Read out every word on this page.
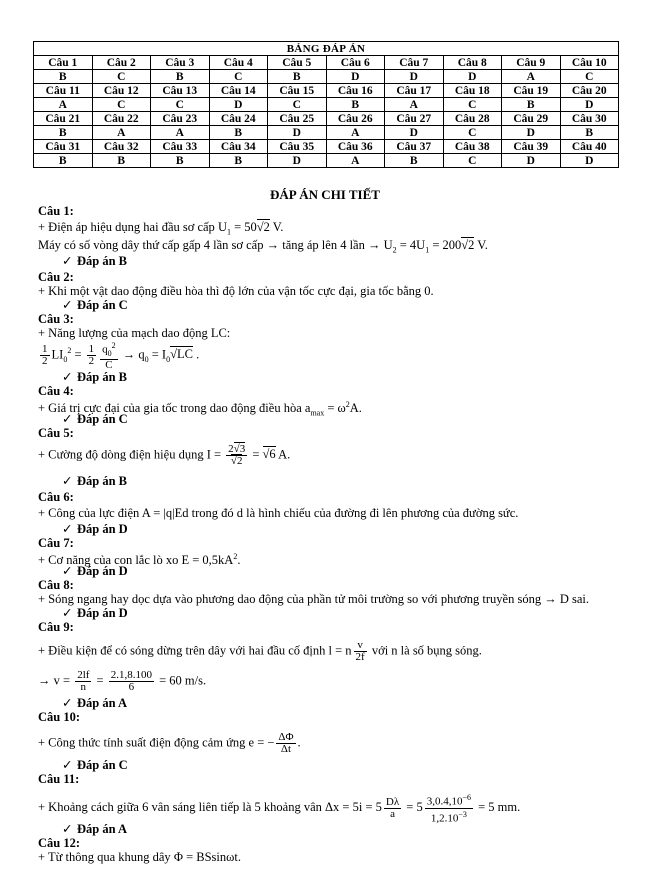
BẢNG ĐÁP ÁN									
Câu 1	Câu 2	Câu 3	Câu 4	Câu 5	Câu 6	Câu 7	Câu 8	Câu 9	Câu 10
B	C	B	C	B	D	D	D	A	C
Câu 11	Câu 12	Câu 13	Câu 14	Câu 15	Câu 16	Câu 17	Câu 18	Câu 19	Câu 20
A	C	C	D	C	B	A	C	B	D
Câu 21	Câu 22	Câu 23	Câu 24	Câu 25	Câu 26	Câu 27	Câu 28	Câu 29	Câu 30
B	A	A	B	D	A	D	C	D	B
Câu 31	Câu 32	Câu 33	Câu 34	Câu 35	Câu 36	Câu 37	Câu 38	Câu 39	Câu 40
B	B	B	B	D	A	B	C	D	D
ĐÁP ÁN CHI TIẾT
Câu 1:
+ Điện áp hiệu dụng hai đầu sơ cấp $U_1 = 50√2$ V.
Máy có số vòng dây thứ cấp gấp 4 lần sơ cấp → tăng áp lên 4 lần → $U_2 = 4U_1 = 200√2$ V.
✓ Đáp án B
Câu 2:
+ Khi một vật dao động điều hòa thì độ lớn của vận tốc cực đại, gia tốc bằng 0.
✓ Đáp án C
Câu 3:
+ Năng lượng của mạch dao động LC:
$\frac{1}{2} LI_0^2 = \frac{1}{2} \frac{q_0^2}{C} \to q_0 = I_0√LC$ .
✓ Đáp án B
Câu 4:
+ Giá trị cực đại của gia tốc trong dao động điều hòa $a_{max} = \omega^2A$.
✓ Đáp án C
Câu 5:
+ Cường độ dòng điện hiệu dụng $I = \frac{2√3}{√2} = √6$ A.
✓ Đáp án B
Câu 6:
+ Công của lực điện A = |q|Ed trong đó d là hình chiếu của đường đi lên phương của đường sức.
✓ Đáp án D
Câu 7:
+ Cơ năng của con lắc lò xo $E = 0,5kA^2$.
✓ Đáp án D
Câu 8:
+ Sóng ngang hay dọc dựa vào phương dao động của phần tử môi trường so với phương truyền sóng → D sai.
✓ Đáp án D
Câu 9:
+ Điều kiện để có sóng dừng trên dây với hai đầu cố định l = n $\frac{v}{2f}$ với n là số bụng sóng.
→ $v = \frac{2lf}{n} = \frac{2.1,8.100}{6} = 60$ m/s.
✓ Đáp án A
Câu 10:
+ Công thức tính suất điện động cảm ứng e = − $\frac{\Delta\Phi}{\Delta t}$ .
✓ Đáp án C
Câu 11:
+ Khoảng cách giữa 6 vân sáng liên tiếp là 5 khoảng vân $\Delta x = 5i = 5 \frac{D\lambda}{a} = 5 \frac{3,0.4,10^{-6}}{1,2.10^{-3}} = 5$ mm.
✓ Đáp án A
Câu 12:
+ Từ thông qua khung dây Φ = BSsinωt.
